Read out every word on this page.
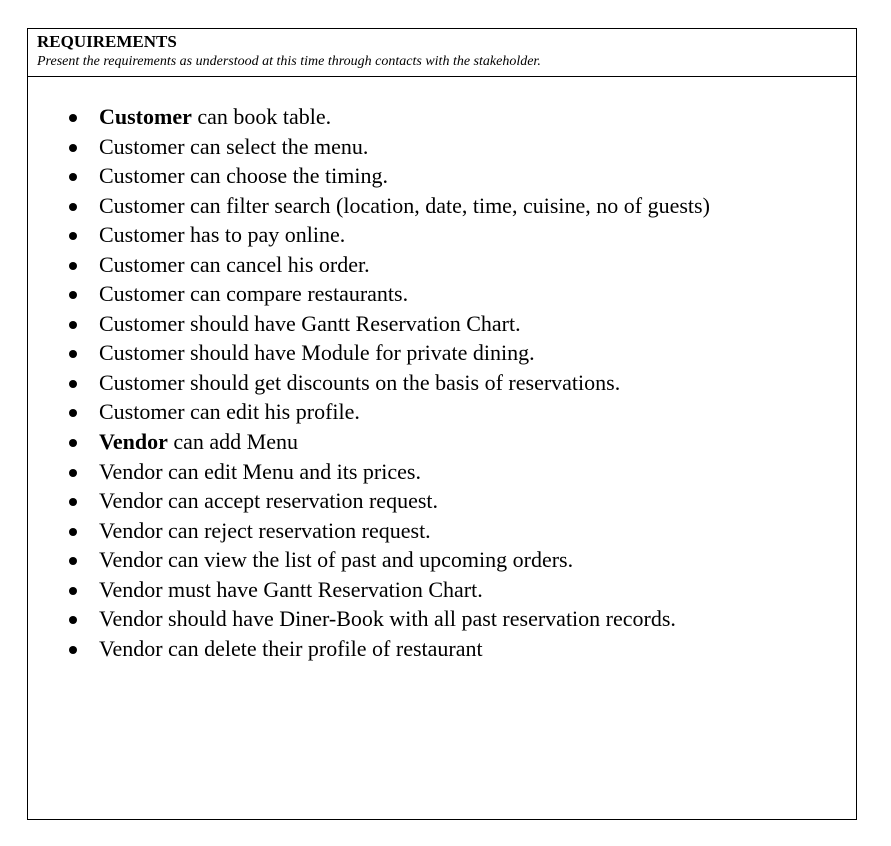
REQUIREMENTS

Present the requirements as understood at this time through contacts with the stakeholder.

Customer can book table.
Customer can select the menu.
Customer can choose the timing.
Customer can filter search (location, date, time, cuisine, no of guests)
Customer has to pay online.
Customer can cancel his order.
Customer can compare restaurants.
Customer should have Gantt Reservation Chart.
Customer should have Module for private dining.
Customer should get discounts on the basis of reservations.
Customer can edit his profile.
Vendor can add Menu
Vendor can edit Menu and its prices.
Vendor can accept reservation request.
Vendor can reject reservation request.
Vendor can view the list of past and upcoming orders.
Vendor must have Gantt Reservation Chart.
Vendor should have Diner-Book with all past reservation records.
Vendor can delete their profile of restaurant
